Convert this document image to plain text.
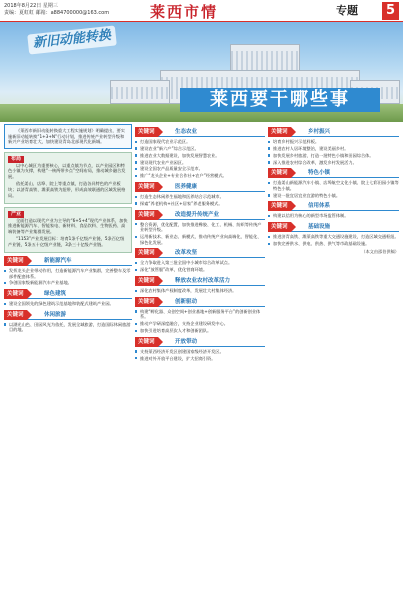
2018年8月22日 星期三
责编：夏虹虹 邮箱：a884700000@163.com	莱西市情	专题	5
新旧动能转换
莱西要干哪些事
《莱西市新旧动能转换重大工程实施规划》明确提出，要实施新旧动能转换“1+3+N”行动计划，推进传统产业转型升级和新兴产业培育壮大，加快建设青岛北部现代化新城。
布局

以中心城区为重要核心，以重点镇为节点，以产业园区和特色小镇为支撑，构建“一核两带多点”空间布局，推动城乡融合发展。

依托姜山、店埠、院上等重点镇，打造各具特色的产业板块；以济青高铁、潍莱高铁为纽带，形成高效联通的区域发展格局。

产业

全面打造以现代产业为主导的“6+5+4”现代产业体系，加快推进新能源汽车、智能家电、新材料、食品饮料、生物医药、高端装备等产业集群发展。

“1153”产业发展目标：培育1条千亿级产业链，5条百亿级产业链，5条五十亿级产业链，3条三十亿级产业链。

关键词	新能源汽车
发挥龙头企业带动作用，打造新能源汽车产业集群，完善整车及零部件配套体系。
争创国家级新能源汽车产业基地。
关键词	绿色建筑
建设全国领先的绿色建筑示范基地和装配式建筑产业园。
关键词	休闲旅游
以湖光山色、田园风光为依托，发展全域旅游，打造国际休闲旅游目的地。
关键词	生态农业
打造国家现代农业示范区。
建设农业“新六产”综合示范区。
推进农业大数据建设，加快发展智慧农业。
建设现代农业产业园区。
建设全国农产品质量安全示范市。
推广“龙头企业+专业合作社+农户”经营模式。
关键词	医养健康
打造生态休闲养生福地和医养结合示范城市。
探索“养老机构+社区+居家”养老服务模式。
关键词	改造提升传统产业
整合资源，优化配置，加快推进橡胶、化工、机械、纺织等传统产业转型升级。
运用新技术、新业态、新模式，推动传统产业向高端化、智能化、绿色化发展。
关键词	改革攻坚
全力争取进入第三批全国中小城市综合改革试点。
深化“放管服”改革，优化营商环境。
关键词	释放农业农村改革活力
深化农村集体产权制度改革，发展壮大村集体经济。
关键词	创新驱动
构建“孵化器、众创空间+创业基地+创新服务平台”的创新创业体系。
推动产学研深度融合，支持企业建设研发中心。
加快引进培育高层次人才和创新团队。
关键词	开放带动
支持莱西经济开发区创建国家级经济开发区。
推进对外开放平台建设，扩大招商引资。
关键词	乡村振兴
培育乡村振兴示范样板。
推进农村人居环境整治，建设美丽乡村。
加快发展乡村旅游，打造一批特色小镇和田园综合体。
深入推进农村综合改革，激发乡村发展活力。
关键词	特色小镇
打造姜山新能源汽车小镇、店埠航空文化小镇、院上七彩田园小镇等特色小镇。
建设一批宜居宜业宜游的特色小镇。
关键词	信用体系
构建以信用为核心的新型市场监管体制。
关键词	基础设施
推进济青高铁、潍莱高铁等重大交通设施建设，打造区域交通枢纽。
加快完善供水、供电、供热、供气等市政基础设施。
（本文由邵伯供稿）
